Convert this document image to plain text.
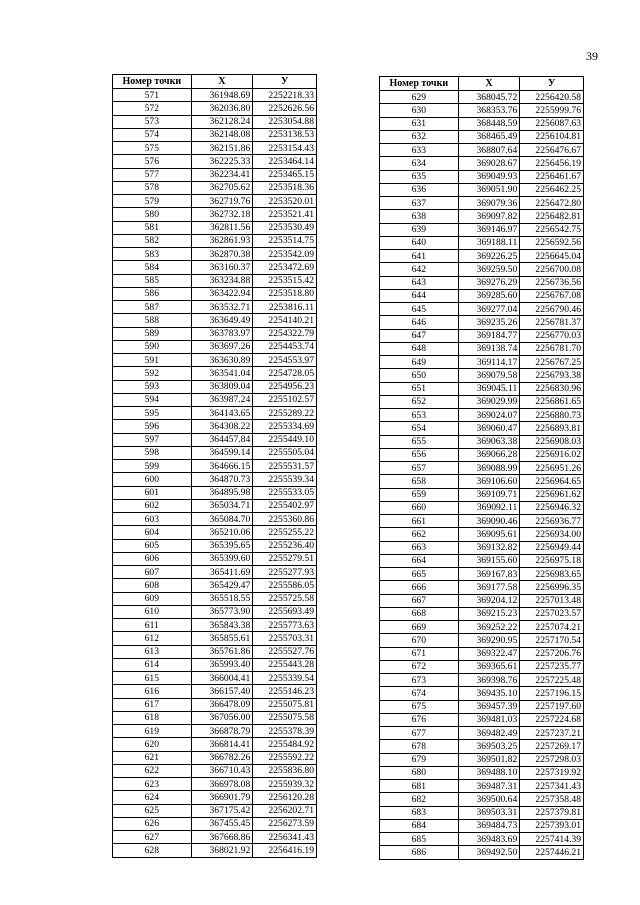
39
Номер точки	X	У
571	361948.69	2252218.33
572	362036.80	2252626.56
573	362128.24	2253054.88
574	362148.08	2253138.53
575	362151.86	2253154.43
576	362225.33	2253464.14
577	362234.41	2253465.15
578	362705.62	2253518.36
579	362719.76	2253520.01
580	362732.18	2253521.41
581	362811.56	2253530.49
582	362861.93	2253514.75
583	362870.38	2253542.09
584	363160.37	2253472.69
585	363234.88	2253515.42
586	363422.94	2253518.80
587	363532.71	2253816.11
588	363649.49	2254140.21
589	363783.97	2254322.79
590	363697.26	2254453.74
591	363630.89	2254553.97
592	363541.04	2254728.05
593	363809.04	2254956.23
594	363987.24	2255102.57
595	364143.65	2255289.22
596	364308.22	2255334.69
597	364457.84	2255449.10
598	364599.14	2255505.04
599	364666.15	2255531.57
600	364870.73	2255539.34
601	364895.98	2255533.05
602	365034.71	2255402.97
603	365084.70	2255360.86
604	365210.06	2255255.22
605	365395.65	2255236.40
606	365399.60	2255279.51
607	365411.69	2255277.93
608	365429.47	2255586.05
609	365518.55	2255725.58
610	365773.90	2255693.49
611	365843.38	2255773.63
612	365855.61	2255703.31
613	365761.86	2255527.76
614	365993.40	2255443.28
615	366004.41	2255339.54
616	366157.40	2255146.23
617	366478.09	2255075.81
618	367056.00	2255075.58
619	366878.79	2255378.39
620	366814.41	2255484.92
621	366782.26	2255592.22
622	366710.43	2255836.80
623	366978.08	2255939.32
624	366901.79	2256120.28
625	367175.42	2256202.71
626	367455.45	2256273.59
627	367668.86	2256341.43
628	368021.92	2256416.19
Номер точки	X	У
629	368045.72	2256420.58
630	368353.76	2255999.76
631	368448.59	2256087.63
632	368465.49	2256104.81
633	368807.64	2256476.67
634	369028.67	2256456.19
635	369049.93	2256461.67
636	369051.90	2256462.25
637	369079.36	2256472.80
638	369097.82	2256482.81
639	369146.97	2256542.75
640	369188.11	2256592.56
641	369226.25	2256645.04
642	369259.50	2256700.08
643	369276.29	2256736.56
644	369285.60	2256767.08
645	369277.04	2256790.46
646	369235.26	2256781.37
647	369184.77	2256770.03
648	369138.74	2256781.70
649	369114.17	2256767.25
650	369079.58	2256793.38
651	369045.11	2256830.96
652	369029.99	2256861.65
653	369024.07	2256880.73
654	369060.47	2256893.81
655	369063.38	2256908.03
656	369066.28	2256916.02
657	369088.99	2256951.26
658	369106.60	2256964.65
659	369109.71	2256961.62
660	369092.11	2256946.32
661	369090.46	2256936.77
662	369095.61	2256934.00
663	369132.82	2256949.44
664	369155.60	2256975.18
665	369167.83	2256983.65
666	369177.58	2256996.35
667	369204.12	2257013.48
668	369215.23	2257023.57
669	369252.22	2257074.21
670	369290.95	2257170.54
671	369322.47	2257206.76
672	369365.61	2257235.77
673	369398.76	2257225.48
674	369435.10	2257196.15
675	369457.39	2257197.60
676	369481.03	2257224.68
677	369482.49	2257237.21
678	369503.25	2257269.17
679	369501.82	2257298.03
680	369488.10	2257319.92
681	369487.31	2257341.43
682	369500.64	2257358.48
683	369503.31	2257379.81
684	369484.73	2257393.01
685	369483.69	2257414.39
686	369492.50	2257446.21
